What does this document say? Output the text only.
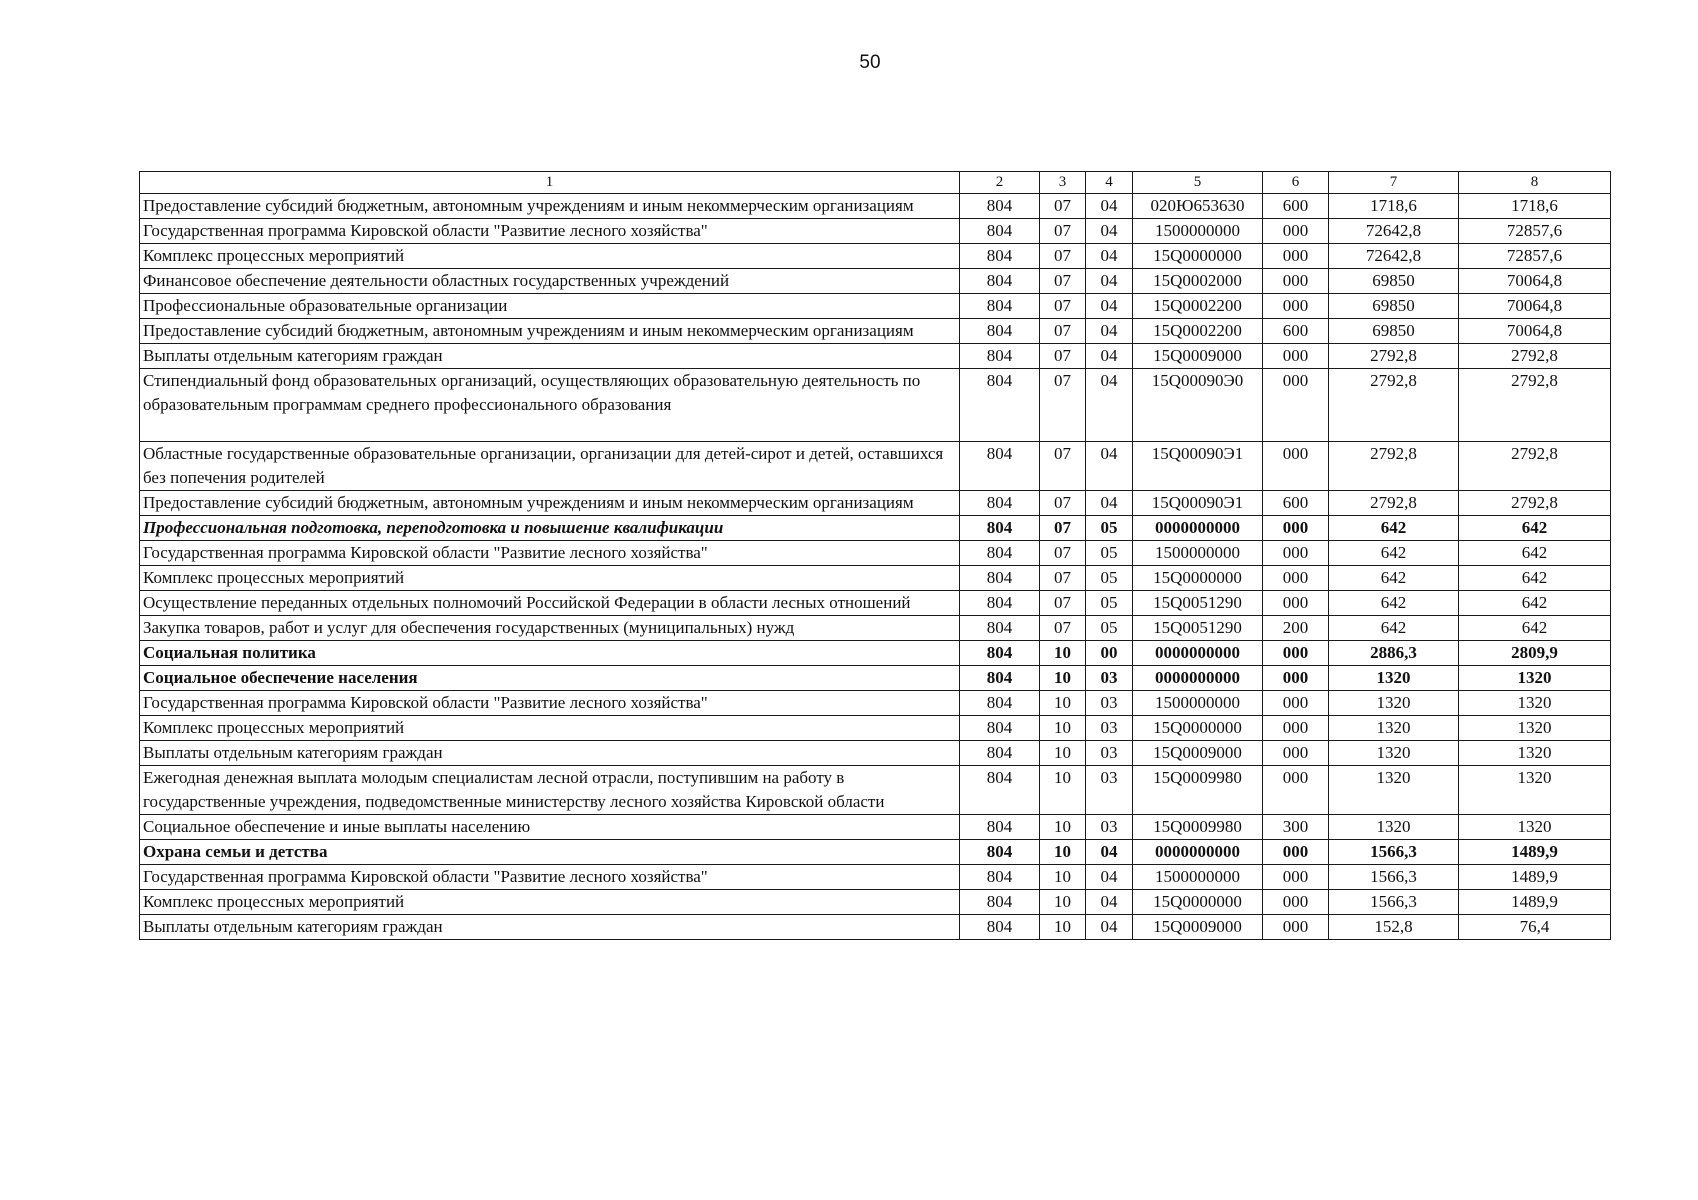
50
1	2	3	4	5	6	7	8
Предоставление субсидий бюджетным, автономным учреждениям и иным некоммерческим организациям	804	07	04	020Ю653630	600	1718,6	1718,6
Государственная программа Кировской области "Развитие лесного хозяйства"	804	07	04	1500000000	000	72642,8	72857,6
Комплекс процессных мероприятий	804	07	04	15Q0000000	000	72642,8	72857,6
Финансовое обеспечение деятельности областных государственных учреждений	804	07	04	15Q0002000	000	69850	70064,8
Профессиональные образовательные организации	804	07	04	15Q0002200	000	69850	70064,8
Предоставление субсидий бюджетным, автономным учреждениям и иным некоммерческим организациям	804	07	04	15Q0002200	600	69850	70064,8
Выплаты отдельным категориям граждан	804	07	04	15Q0009000	000	2792,8	2792,8
Стипендиальный фонд образовательных организаций, осуществляющих образовательную деятельность по образовательным программам среднего профессионального образования	804	07	04	15Q00090Э0	000	2792,8	2792,8
Областные государственные образовательные организации, организации для детей-сирот и детей, оставшихся без попечения родителей	804	07	04	15Q00090Э1	000	2792,8	2792,8
Предоставление субсидий бюджетным, автономным учреждениям и иным некоммерческим организациям	804	07	04	15Q00090Э1	600	2792,8	2792,8
Профессиональная подготовка, переподготовка и повышение квалификации	804	07	05	0000000000	000	642	642
Государственная программа Кировской области "Развитие лесного хозяйства"	804	07	05	1500000000	000	642	642
Комплекс процессных мероприятий	804	07	05	15Q0000000	000	642	642
Осуществление переданных отдельных полномочий Российской Федерации в области лесных отношений	804	07	05	15Q0051290	000	642	642
Закупка товаров, работ и услуг для обеспечения государственных (муниципальных) нужд	804	07	05	15Q0051290	200	642	642
Социальная политика	804	10	00	0000000000	000	2886,3	2809,9
Социальное обеспечение населения	804	10	03	0000000000	000	1320	1320
Государственная программа Кировской области "Развитие лесного хозяйства"	804	10	03	1500000000	000	1320	1320
Комплекс процессных мероприятий	804	10	03	15Q0000000	000	1320	1320
Выплаты отдельным категориям граждан	804	10	03	15Q0009000	000	1320	1320
Ежегодная денежная выплата молодым специалистам лесной отрасли, поступившим на работу в государственные учреждения, подведомственные министерству лесного хозяйства Кировской области	804	10	03	15Q0009980	000	1320	1320
Социальное обеспечение и иные выплаты населению	804	10	03	15Q0009980	300	1320	1320
Охрана семьи и детства	804	10	04	0000000000	000	1566,3	1489,9
Государственная программа Кировской области "Развитие лесного хозяйства"	804	10	04	1500000000	000	1566,3	1489,9
Комплекс процессных мероприятий	804	10	04	15Q0000000	000	1566,3	1489,9
Выплаты отдельным категориям граждан	804	10	04	15Q0009000	000	152,8	76,4
